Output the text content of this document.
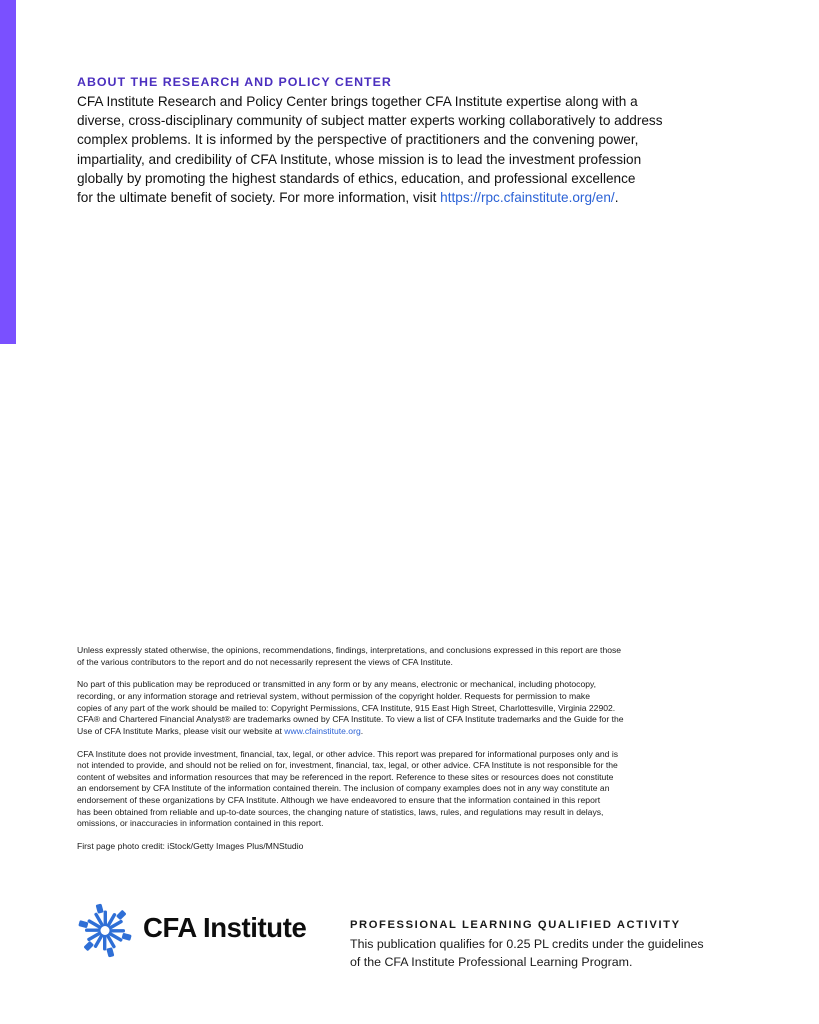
ABOUT THE RESEARCH AND POLICY CENTER

CFA Institute Research and Policy Center brings together CFA Institute expertise along with a
diverse, cross-disciplinary community of subject matter experts working collaboratively to address
complex problems. It is informed by the perspective of practitioners and the convening power,
impartiality, and credibility of CFA Institute, whose mission is to lead the investment profession
globally by promoting the highest standards of ethics, education, and professional excellence
for the ultimate benefit of society. For more information, visit https://rpc.cfainstitute.org/en/.

Unless expressly stated otherwise, the opinions, recommendations, findings, interpretations, and conclusions expressed in this report are those
of the various contributors to the report and do not necessarily represent the views of CFA Institute.

No part of this publication may be reproduced or transmitted in any form or by any means, electronic or mechanical, including photocopy,
recording, or any information storage and retrieval system, without permission of the copyright holder. Requests for permission to make
copies of any part of the work should be mailed to: Copyright Permissions, CFA Institute, 915 East High Street, Charlottesville, Virginia 22902.
CFA® and Chartered Financial Analyst® are trademarks owned by CFA Institute. To view a list of CFA Institute trademarks and the Guide for the
Use of CFA Institute Marks, please visit our website at www.cfainstitute.org.

CFA Institute does not provide investment, financial, tax, legal, or other advice. This report was prepared for informational purposes only and is
not intended to provide, and should not be relied on for, investment, financial, tax, legal, or other advice. CFA Institute is not responsible for the
content of websites and information resources that may be referenced in the report. Reference to these sites or resources does not constitute
an endorsement by CFA Institute of the information contained therein. The inclusion of company examples does not in any way constitute an
endorsement of these organizations by CFA Institute. Although we have endeavored to ensure that the information contained in this report
has been obtained from reliable and up-to-date sources, the changing nature of statistics, laws, rules, and regulations may result in delays,
omissions, or inaccuracies in information contained in this report.

First page photo credit: iStock/Getty Images Plus/MNStudio

CFA Institute	PROFESSIONAL LEARNING QUALIFIED ACTIVITY
This publication qualifies for 0.25 PL credits under the guidelines
of the CFA Institute Professional Learning Program.
